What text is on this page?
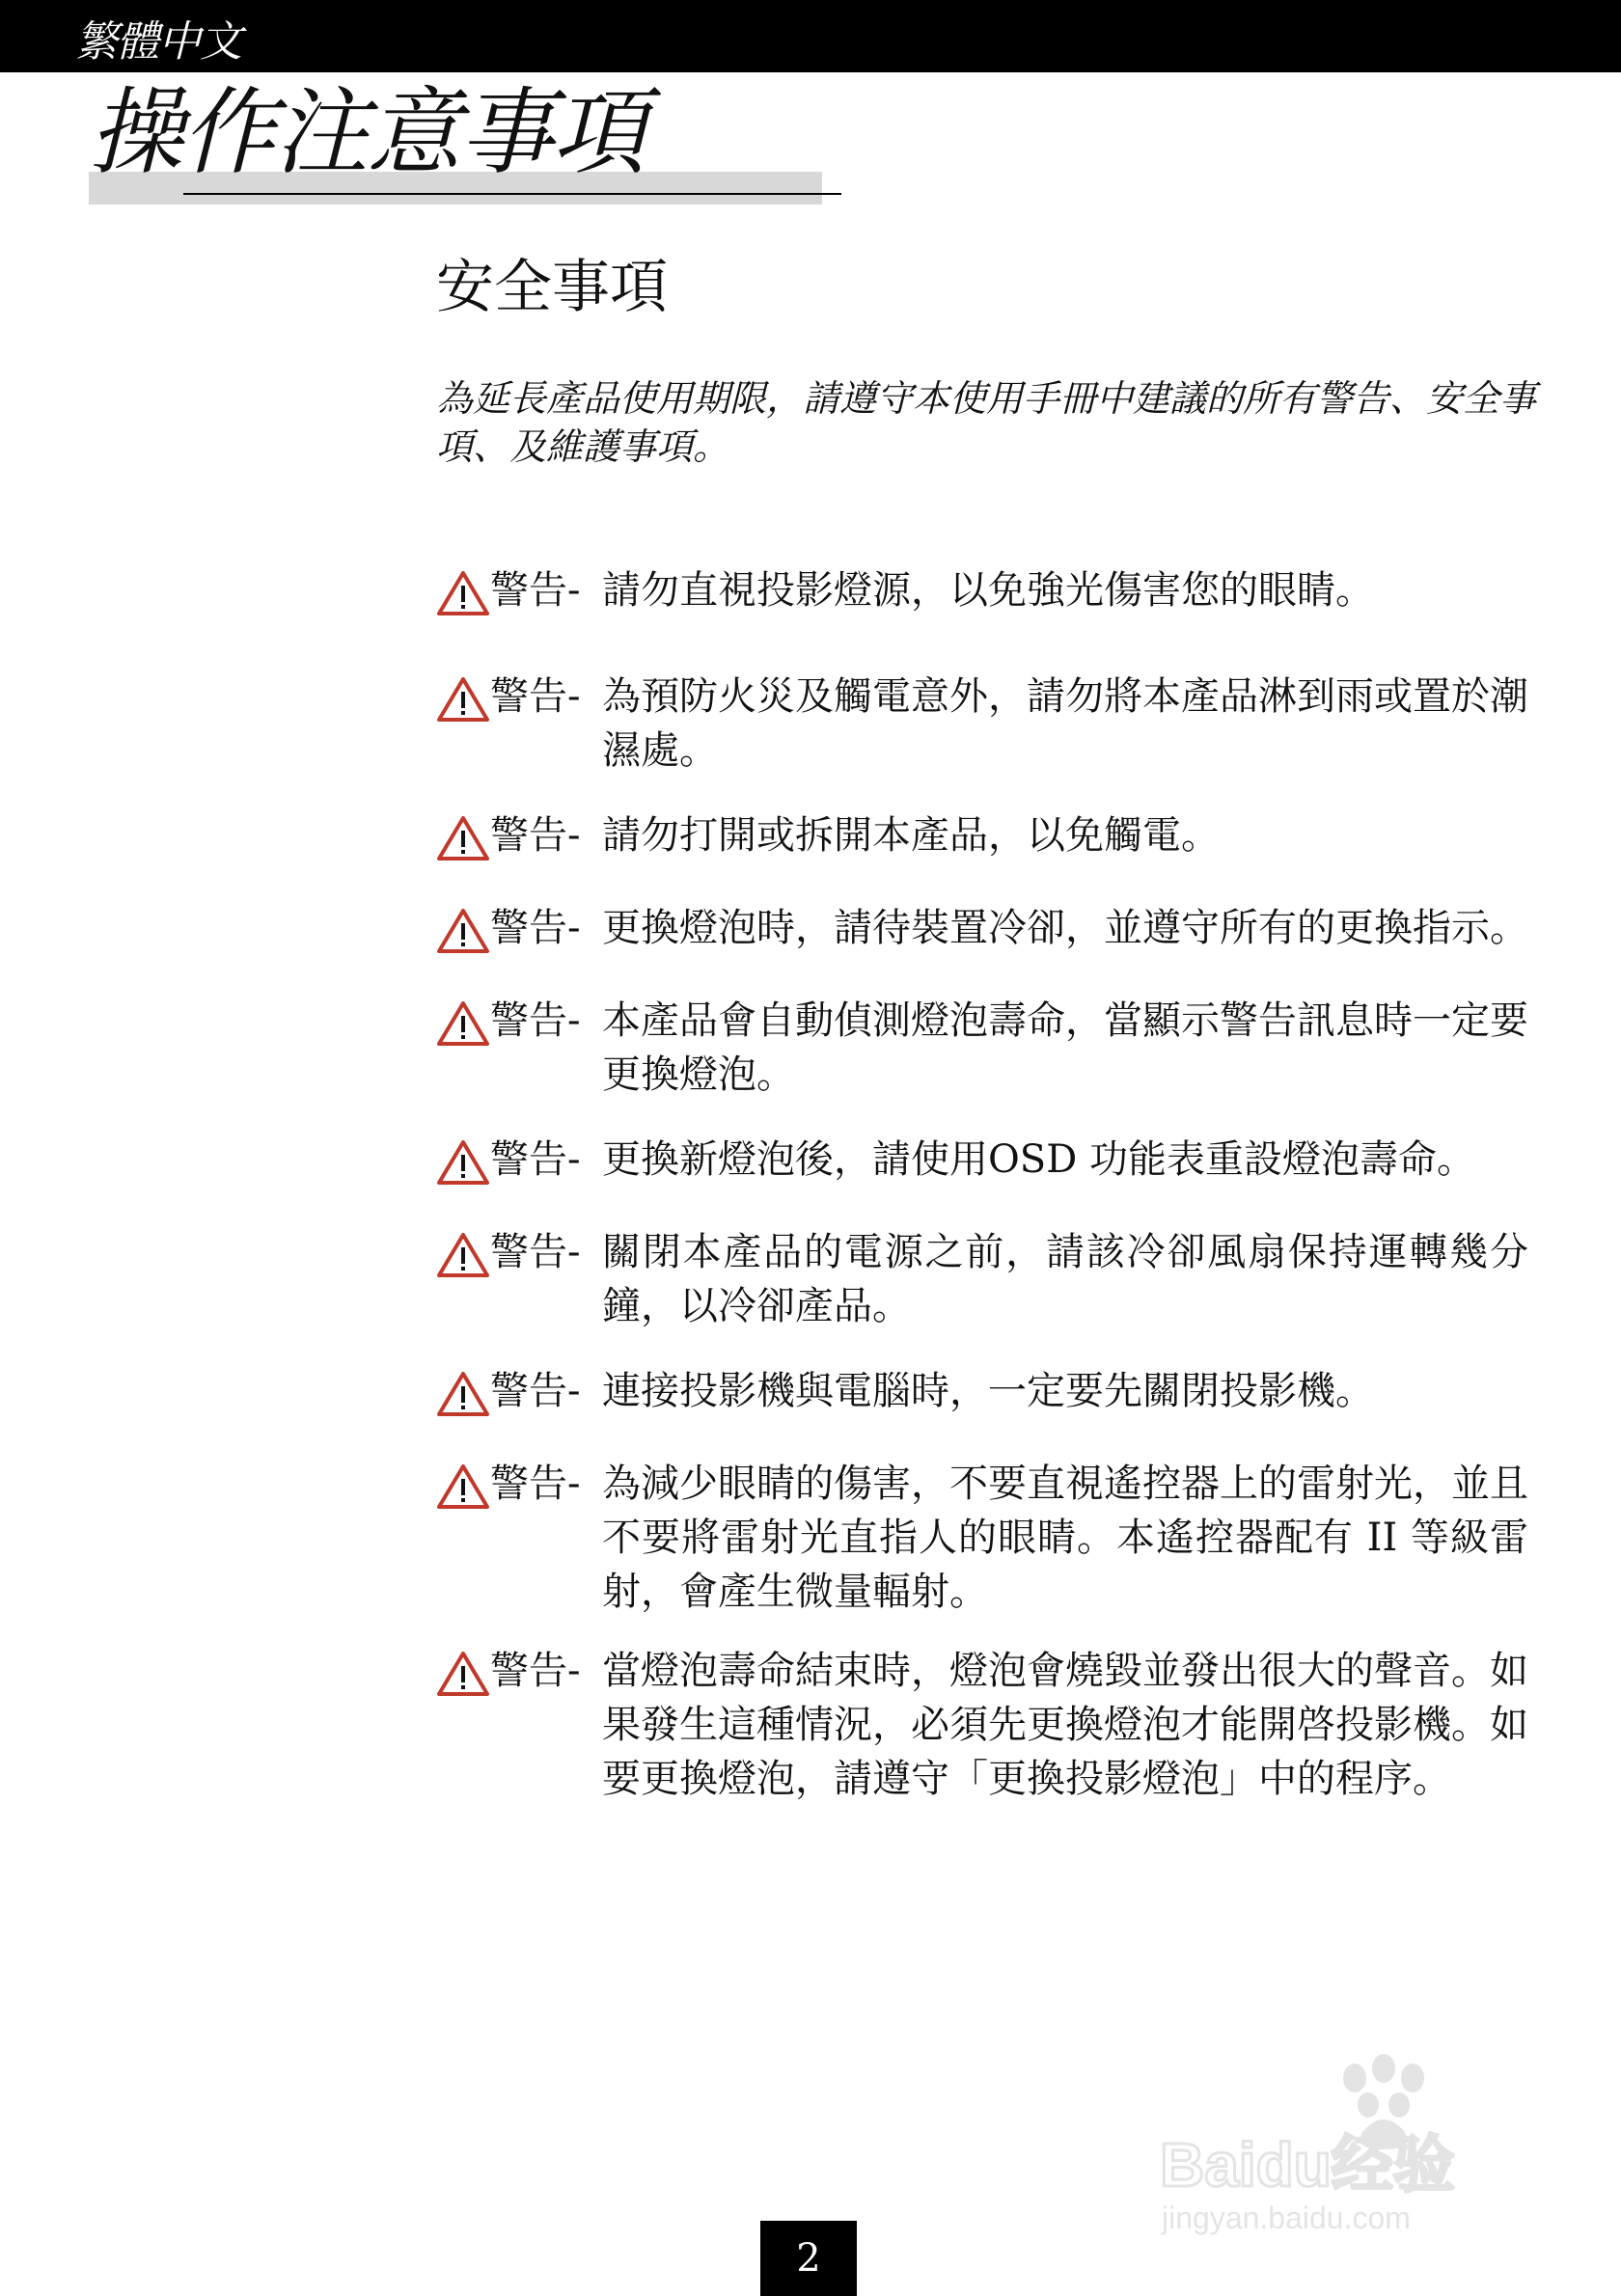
繁體中文
操作注意事項
安全事項
為延長產品使用期限，請遵守本使用手冊中建議的所有警告、安全事項、及維護事項。
警告- 請勿直視投影燈源，以免強光傷害您的眼睛。
警告- 為預防火災及觸電意外，請勿將本產品淋到雨或置於潮濕處。
警告- 請勿打開或拆開本產品，以免觸電。
警告- 更換燈泡時，請待裝置冷卻，並遵守所有的更換指示。
警告- 本產品會自動偵測燈泡壽命，當顯示警告訊息時一定要更換燈泡。
警告- 更換新燈泡後，請使用OSD 功能表重設燈泡壽命。
警告- 關閉本產品的電源之前，請該冷卻風扇保持運轉幾分鐘，以冷卻產品。
警告- 連接投影機與電腦時，一定要先關閉投影機。
警告- 為減少眼睛的傷害，不要直視遙控器上的雷射光，並且不要將雷射光直指人的眼睛。本遙控器配有 II 等級雷射，會產生微量輻射。
警告- 當燈泡壽命結束時，燈泡會燒毀並發出很大的聲音。如果發生這種情況，必須先更換燈泡才能開啓投影機。如要更換燈泡，請遵守「更換投影燈泡」中的程序。
Baidu经验
jingyan.baidu.com
2
